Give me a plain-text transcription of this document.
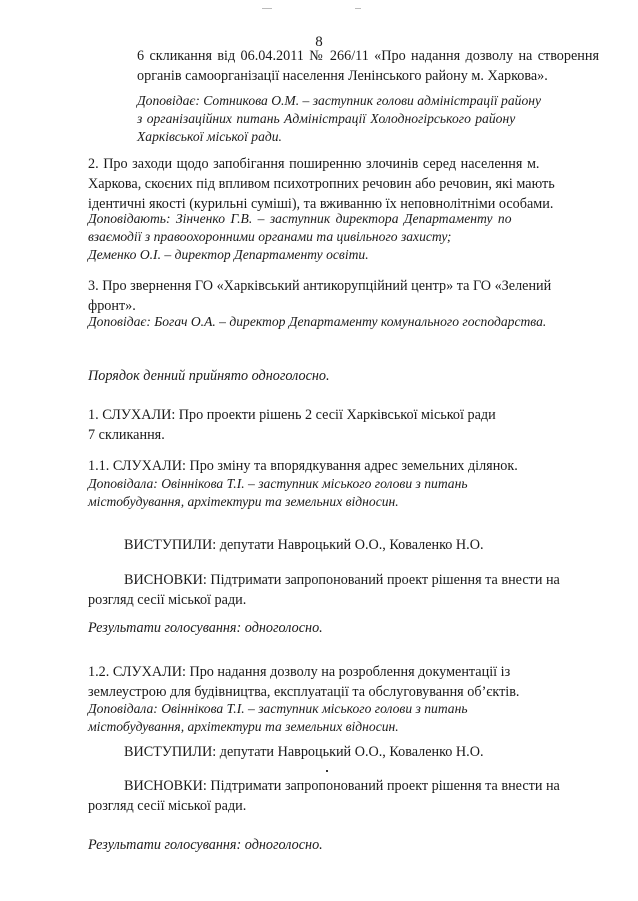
8
6 скликання від 06.04.2011 № 266/11 «Про надання дозволу на створення
органів самоорганізації населення Ленінського району м. Харкова».
Доповідає: Сотникова О.М. – заступник голови адміністрації району
з організаційних питань Адміністрації Холодногірського району
Харківської міської ради.
2. Про заходи щодо запобігання поширенню злочинів серед населення м.
Харкова, скоєних під впливом психотропних речовин або речовин, які мають
ідентичні якості (курильні суміші), та вживанню їх неповнолітніми особами.
Доповідають: Зінченко Г.В. – заступник директора Департаменту по
взаємодії з правоохоронними органами та цивільного захисту;
Деменко О.І. – директор Департаменту освіти.
3. Про звернення ГО «Харківський антикорупційний центр» та ГО «Зелений
фронт».
Доповідає: Богач О.А. – директор Департаменту комунального господарства.
Порядок денний прийнято одноголосно.
1. СЛУХАЛИ: Про проекти рішень 2 сесії Харківської міської ради
7 скликання.
1.1. СЛУХАЛИ: Про зміну та впорядкування адрес земельних ділянок.
Доповідала: Овіннікова Т.І. – заступник міського голови з питань
містобудування, архітектури та земельних відносин.
ВИСТУПИЛИ: депутати Навроцький О.О., Коваленко Н.О.
ВИСНОВКИ: Підтримати запропонований проект рішення та внести на
розгляд сесії міської ради.
Результати голосування: одноголосно.
1.2. СЛУХАЛИ: Про надання дозволу на розроблення документації із
землеустрою для будівництва, експлуатації та обслуговування об’єктів.
Доповідала: Овіннікова Т.І. – заступник міського голови з питань
містобудування, архітектури та земельних відносин.
ВИСТУПИЛИ: депутати Навроцький О.О., Коваленко Н.О.
ВИСНОВКИ: Підтримати запропонований проект рішення та внести на
розгляд сесії міської ради.
Результати голосування: одноголосно.
